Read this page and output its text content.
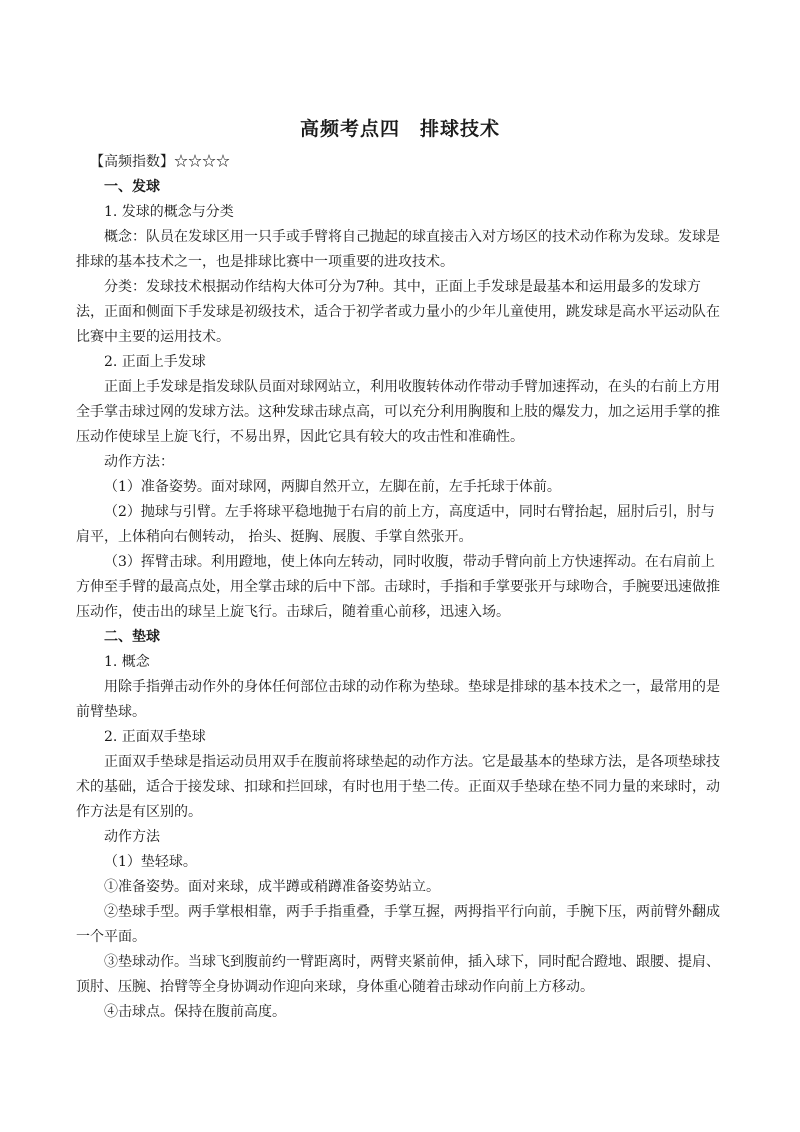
高频考点四　排球技术

【高频指数】☆☆☆☆

一、发球

1. 发球的概念与分类

概念：队员在发球区用一只手或手臂将自己抛起的球直接击入对方场区的技术动作称为发球。发球是排球的基本技术之一，也是排球比赛中一项重要的进攻技术。

分类：发球技术根据动作结构大体可分为7种。其中，正面上手发球是最基本和运用最多的发球方法，正面和侧面下手发球是初级技术，适合于初学者或力量小的少年儿童使用，跳发球是高水平运动队在比赛中主要的运用技术。

2. 正面上手发球

正面上手发球是指发球队员面对球网站立，利用收腹转体动作带动手臂加速挥动，在头的右前上方用全手掌击球过网的发球方法。这种发球击球点高，可以充分利用胸腹和上肢的爆发力，加之运用手掌的推压动作使球呈上旋飞行，不易出界，因此它具有较大的攻击性和准确性。

动作方法：

（1）准备姿势。面对球网，两脚自然开立，左脚在前，左手托球于体前。

（2）抛球与引臂。左手将球平稳地抛于右肩的前上方，高度适中，同时右臂抬起，屈肘后引，肘与肩平，上体稍向右侧转动， 抬头、挺胸、展腹、手掌自然张开。

（3）挥臂击球。利用蹬地，使上体向左转动，同时收腹，带动手臂向前上方快速挥动。在右肩前上方伸至手臂的最高点处，用全掌击球的后中下部。击球时，手指和手掌要张开与球吻合，手腕要迅速做推压动作，使击出的球呈上旋飞行。击球后，随着重心前移，迅速入场。

二、垫球

1. 概念

用除手指弹击动作外的身体任何部位击球的动作称为垫球。垫球是排球的基本技术之一，最常用的是前臂垫球。

2. 正面双手垫球

正面双手垫球是指运动员用双手在腹前将球垫起的动作方法。它是最基本的垫球方法，是各项垫球技术的基础，适合于接发球、扣球和拦回球，有时也用于垫二传。正面双手垫球在垫不同力量的来球时，动作方法是有区别的。

动作方法

（1）垫轻球。

①准备姿势。面对来球，成半蹲或稍蹲准备姿势站立。

②垫球手型。两手掌根相靠，两手手指重叠，手掌互握，两拇指平行向前，手腕下压，两前臂外翻成一个平面。

③垫球动作。当球飞到腹前约一臂距离时，两臂夹紧前伸，插入球下，同时配合蹬地、跟腰、提肩、顶肘、压腕、抬臂等全身协调动作迎向来球，身体重心随着击球动作向前上方移动。

④击球点。保持在腹前高度。
